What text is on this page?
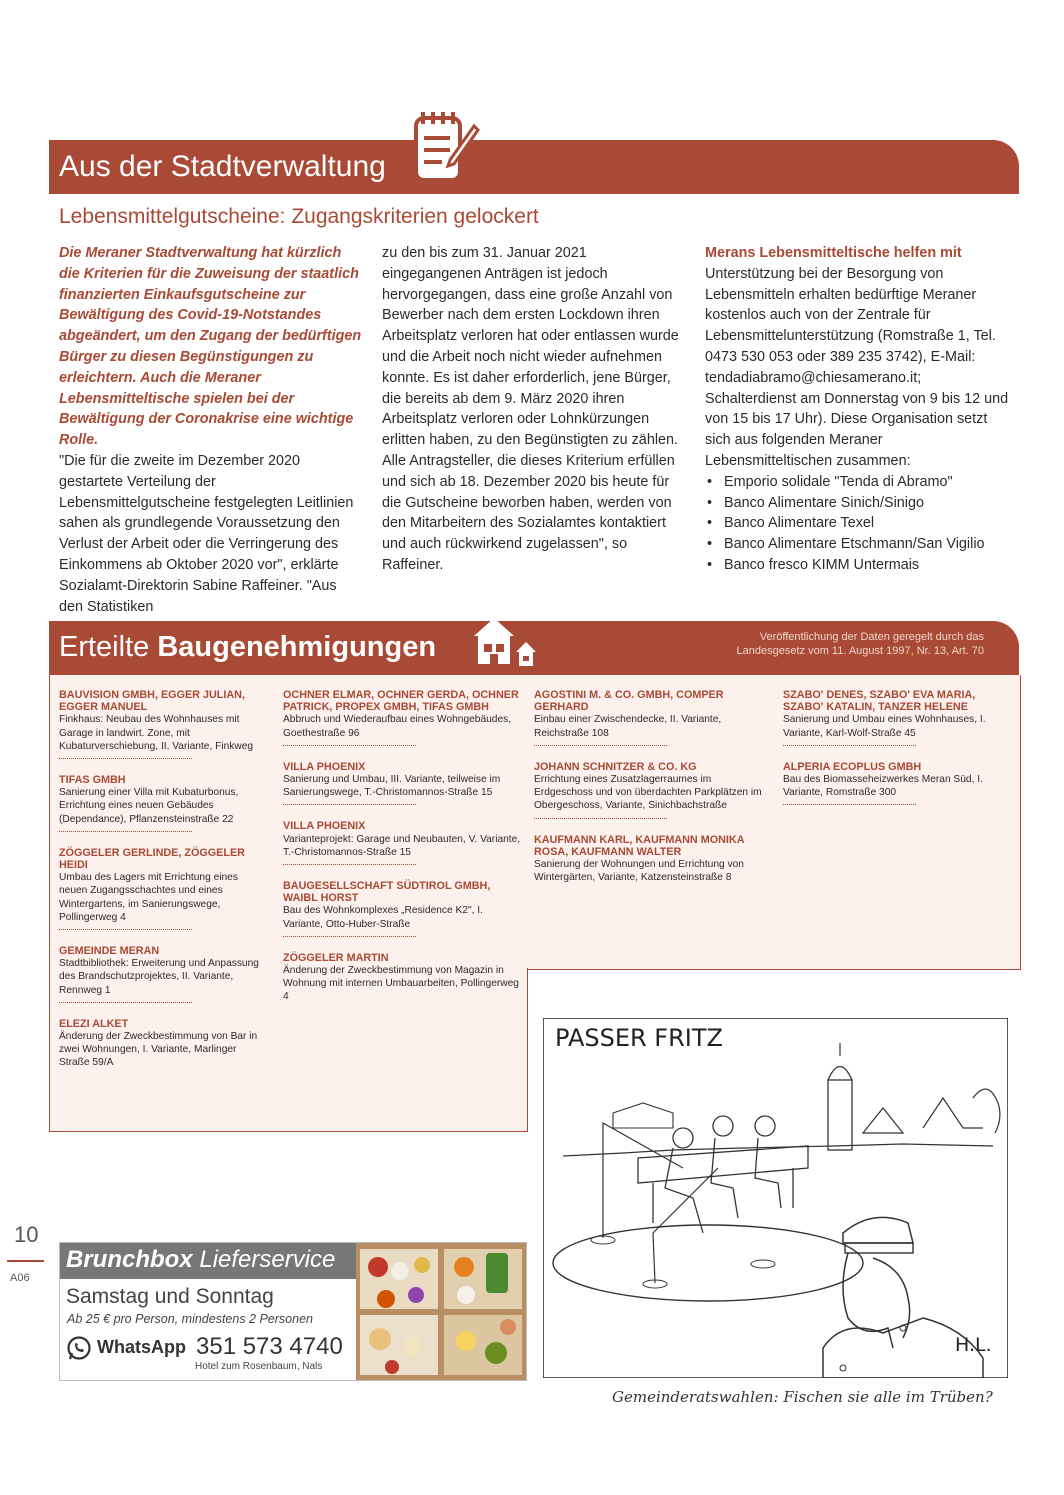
Aus der Stadtverwaltung
Lebensmittelgutscheine: Zugangskriterien gelockert

Die Meraner Stadtverwaltung hat kürzlich die Kriterien für die Zuweisung der staatlich finanzierten Einkaufsgutscheine zur Bewältigung des Covid-19-Notstandes abgeändert, um den Zugang der bedürftigen Bürger zu diesen Begünstigungen zu erleichtern. Auch die Meraner Lebensmitteltische spielen bei der Bewältigung der Coronakrise eine wichtige Rolle.

"Die für die zweite im Dezember 2020 gestartete Verteilung der Lebensmittelgutscheine festgelegten Leitlinien sahen als grundlegende Voraussetzung den Verlust der Arbeit oder die Verringerung des Einkommens ab Oktober 2020 vor", erklärte Sozialamt-Direktorin Sabine Raffeiner. "Aus den Statistiken

zu den bis zum 31. Januar 2021 eingegangenen Anträgen ist jedoch hervorgegangen, dass eine große Anzahl von Bewerber nach dem ersten Lockdown ihren Arbeitsplatz verloren hat oder entlassen wurde und die Arbeit noch nicht wieder aufnehmen konnte. Es ist daher erforderlich, jene Bürger, die bereits ab dem 9. März 2020 ihren Arbeitsplatz verloren oder Lohnkürzungen erlitten haben, zu den Begünstigten zu zählen. Alle Antragsteller, die dieses Kriterium erfüllen und sich ab 18. Dezember 2020 bis heute für die Gutscheine beworben haben, werden von den Mitarbeitern des Sozialamtes kontaktiert und auch rückwirkend zugelassen", so Raffeiner.

Merans Lebensmitteltische helfen mit

Unterstützung bei der Besorgung von Lebensmitteln erhalten bedürftige Meraner kostenlos auch von der Zentrale für Lebensmittelunterstützung (Romstraße 1, Tel. 0473 530 053 oder 389 235 3742), E-Mail: tendadiabramo@chiesamerano.it; Schalterdienst am Donnerstag von 9 bis 12 und von 15 bis 17 Uhr). Diese Organisation setzt sich aus folgenden Meraner Lebensmitteltischen zusammen:

• Emporio solidale "Tenda di Abramo"
• Banco Alimentare Sinich/Sinigo
• Banco Alimentare Texel
• Banco Alimentare Etschmann/San Vigilio
• Banco fresco KIMM Untermais
Erteilte Baugenehmigungen	Veröffentlichung der Daten geregelt durch das
Landesgesetz vom 11. August 1997, Nr. 13, Art. 70
BAUVISION GMBH, EGGER JULIAN, EGGER MANUEL
Finkhaus: Neubau des Wohnhauses mit Garage in landwirt. Zone, mit Kubaturverschiebung, II. Variante, Finkweg
TIFAS GMBH
Sanierung einer Villa mit Kubaturbonus, Errichtung eines neuen Gebäudes (Dependance), Pflanzensteinstraße 22
ZÖGGELER GERLINDE, ZÖGGELER HEIDI
Umbau des Lagers mit Errichtung eines neuen Zugangsschachtes und eines Wintergartens, im Sanierungswege, Pollingerweg 4
GEMEINDE MERAN
Stadtbibliothek: Erweiterung und Anpassung des Brandschutzprojektes, II. Variante, Rennweg 1
ELEZI ALKET
Änderung der Zweckbestimmung von Bar in zwei Wohnungen, I. Variante, Marlinger Straße 59/A
OCHNER ELMAR, OCHNER GERDA, OCHNER PATRICK, PROPEX GMBH, TIFAS GMBH
Abbruch und Wiederaufbau eines Wohngebäudes, Goethestraße 96
VILLA PHOENIX
Sanierung und Umbau, III. Variante, teilweise im Sanierungswege, T.-Christomannos-Straße 15
VILLA PHOENIX
Varianteprojekt: Garage und Neubauten, V. Variante, T.-Christomannos-Straße 15
BAUGESELLSCHAFT SÜDTIROL GMBH, WAIBL HORST
Bau des Wohnkomplexes „Residence K2", I. Variante, Otto-Huber-Straße
ZÖGGELER MARTIN
Änderung der Zweckbestimmung von Magazin in Wohnung mit internen Umbauarbeiten, Pollingerweg 4
AGOSTINI M. & CO. GMBH, COMPER GERHARD
Einbau einer Zwischendecke, II. Variante, Reichstraße 108
JOHANN SCHNITZER & CO. KG
Errichtung eines Zusatzlagerraumes im Erdgeschoss und von überdachten Parkplätzen im Obergeschoss, Variante, Sinichbachstraße
KAUFMANN KARL, KAUFMANN MONIKA ROSA, KAUFMANN WALTER
Sanierung der Wohnungen und Errichtung von Wintergärten, Variante, Katzensteinstraße 8
SZABO' DENES, SZABO' EVA MARIA, SZABO' KATALIN, TANZER HELENE
Sanierung und Umbau eines Wohnhauses, I. Variante, Karl-Wolf-Straße 45
ALPERIA ECOPLUS GMBH
Bau des Biomasseheizwerkes Meran Süd, I. Variante, Romstraße 300
PASSER FRITZ
H.L.
Gemeinderatswahlen: Fischen sie alle im Trüben?
10
A06
Brunchbox Lieferservice
Samstag und Sonntag
Ab 25 € pro Person, mindestens 2 Personen
WhatsApp 351 573 4740
Hotel zum Rosenbaum, Nals
